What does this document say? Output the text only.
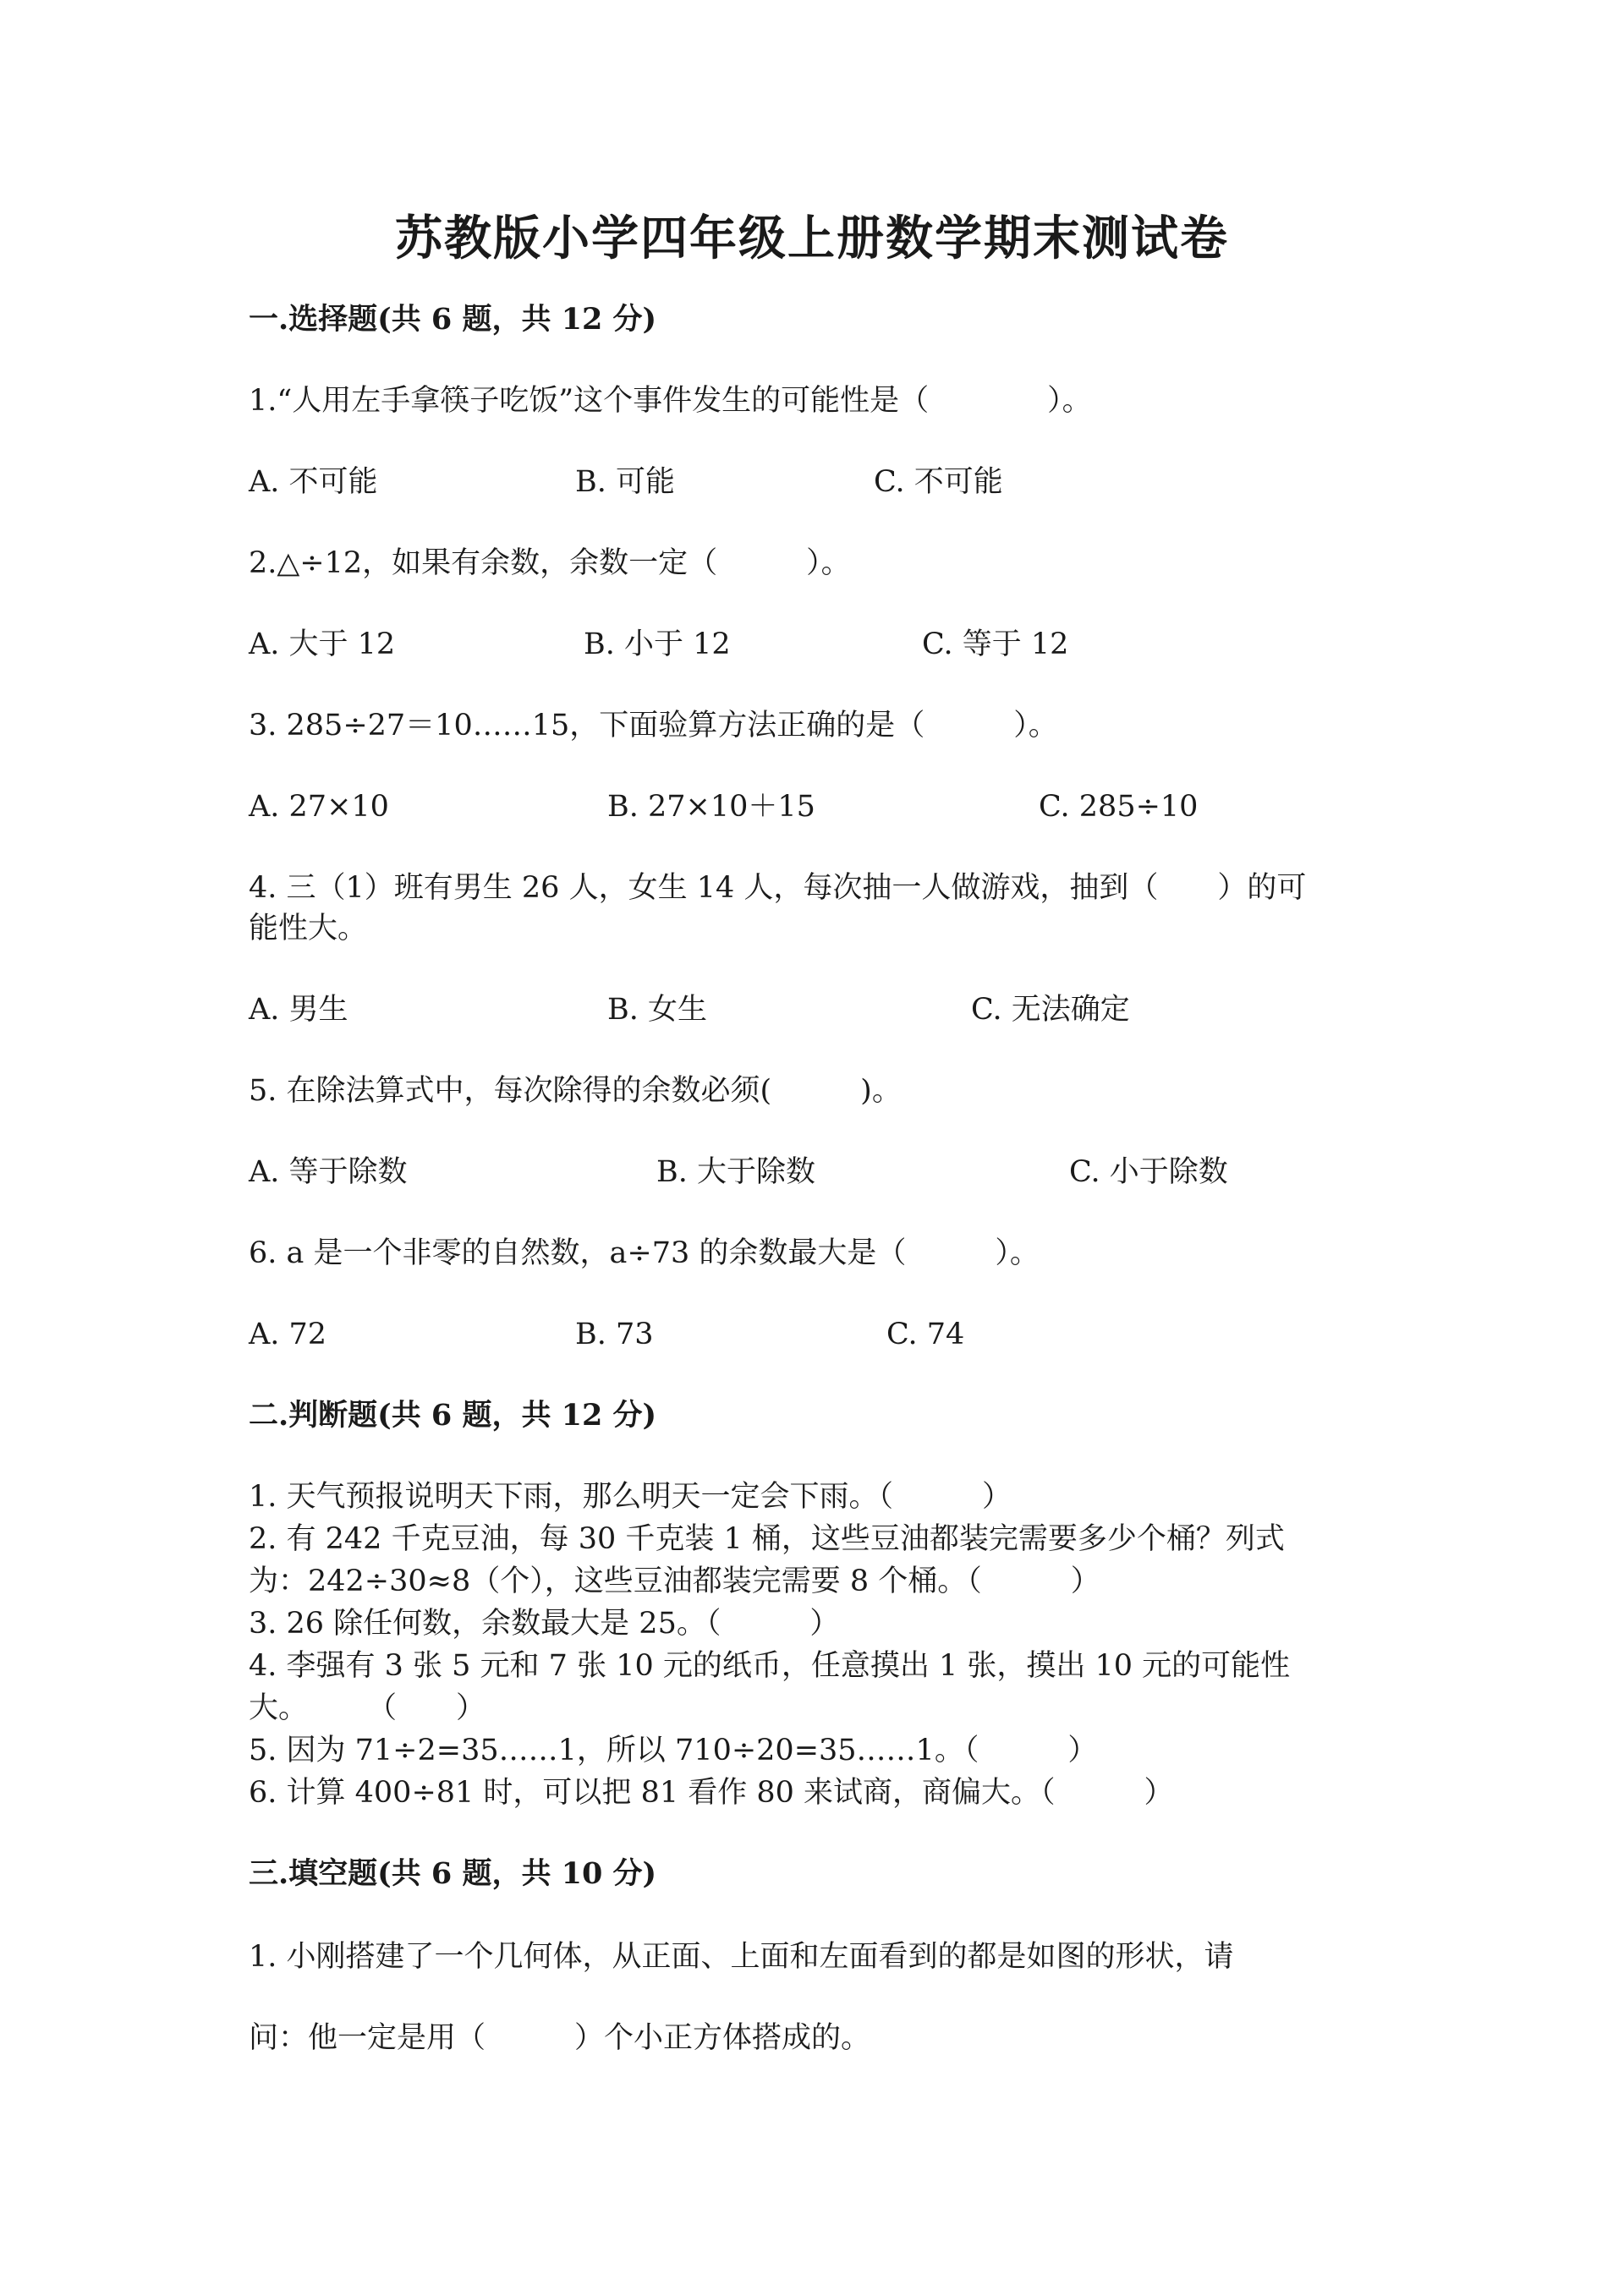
苏教版小学四年级上册数学期末测试卷
一.选择题(共 6 题，共 12 分)
1.“人用左手拿筷子吃饭”这个事件发生的可能性是（　　　　）。
A. 不可能	B. 可能	C. 不可能
2.△÷12，如果有余数，余数一定（　　　）。
A. 大于 12	B. 小于 12	C. 等于 12
3. 285÷27＝10……15，下面验算方法正确的是（　　　）。
A. 27×10	B. 27×10＋15	C. 285÷10
4. 三（1）班有男生 26 人，女生 14 人，每次抽一人做游戏，抽到（　　）的可
能性大。
A. 男生	B. 女生	C. 无法确定
5. 在除法算式中，每次除得的余数必须(　　　)。
A. 等于除数	B. 大于除数	C. 小于除数
6. a 是一个非零的自然数，a÷73 的余数最大是（　　　）。
A. 72	B. 73	C. 74
二.判断题(共 6 题，共 12 分)
1. 天气预报说明天下雨，那么明天一定会下雨。（　　　）
2. 有 242 千克豆油，每 30 千克装 1 桶，这些豆油都装完需要多少个桶？列式
为：242÷30≈8（个），这些豆油都装完需要 8 个桶。（　　　）
3. 26 除任何数，余数最大是 25。（　　　）
4. 李强有 3 张 5 元和 7 张 10 元的纸币，任意摸出 1 张，摸出 10 元的可能性
大。　　　（　　）
5. 因为 71÷2=35……1，所以 710÷20=35……1。（　　　）
6. 计算 400÷81 时，可以把 81 看作 80 来试商，商偏大。（　　　）
三.填空题(共 6 题，共 10 分)
1. 小刚搭建了一个几何体，从正面、上面和左面看到的都是如图的形状，请
问：他一定是用（　　　）个小正方体搭成的。
